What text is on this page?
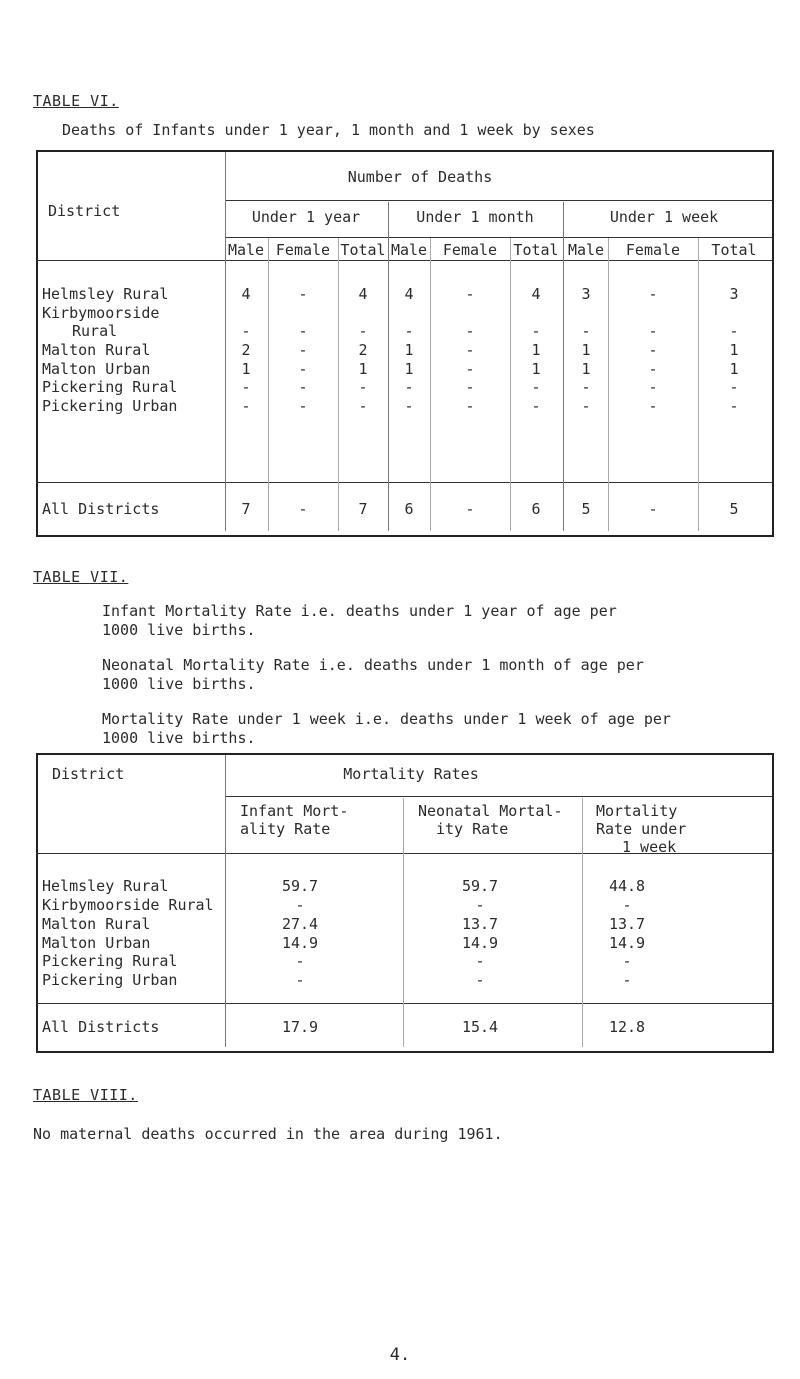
TABLE VI.
Deaths of Infants under 1 year, 1 month and 1 week by sexes
District
Number of Deaths
Under 1 year	Under 1 month	Under 1 week
Male Female Total Male	Female	Total Male	Female	Total
Helmsley Rural	4	-	4	4	-	4	3	-	3
Kirbymoorside
Rural	-	-	-	-	-	-	-	-	-
Malton Rural	2	-	2	1	-	1	1	-	1
Malton Urban	1	-	1	1	-	1	1	-	1
Pickering Rural	-	-	-	-	-	-	-	-	-
Pickering Urban	-	-	-	-	-	-	-	-	-
All Districts	7	-	7	6	-	6	5	-	5
TABLE VII.
Infant Mortality Rate i.e. deaths under 1 year of age per
1000 live births.
Neonatal Mortality Rate i.e. deaths under 1 month of age per
1000 live births.
Mortality Rate under 1 week i.e. deaths under 1 week of age per
1000 live births.
District	Mortality Rates
Infant Mort-
ality Rate
Neonatal Mortal-
ity Rate
Mortality
Rate under
1 week
Helmsley Rural	59.7	59.7	44.8
Kirbymoorside Rural	-	-	-
Malton Rural	27.4	13.7	13.7
Malton Urban	14.9	14.9	14.9
Pickering Rural	-	-	-
Pickering Urban	-	-	-
All Districts	17.9	15.4	12.8
TABLE VIII.
No maternal deaths occurred in the area during 1961.
4.
